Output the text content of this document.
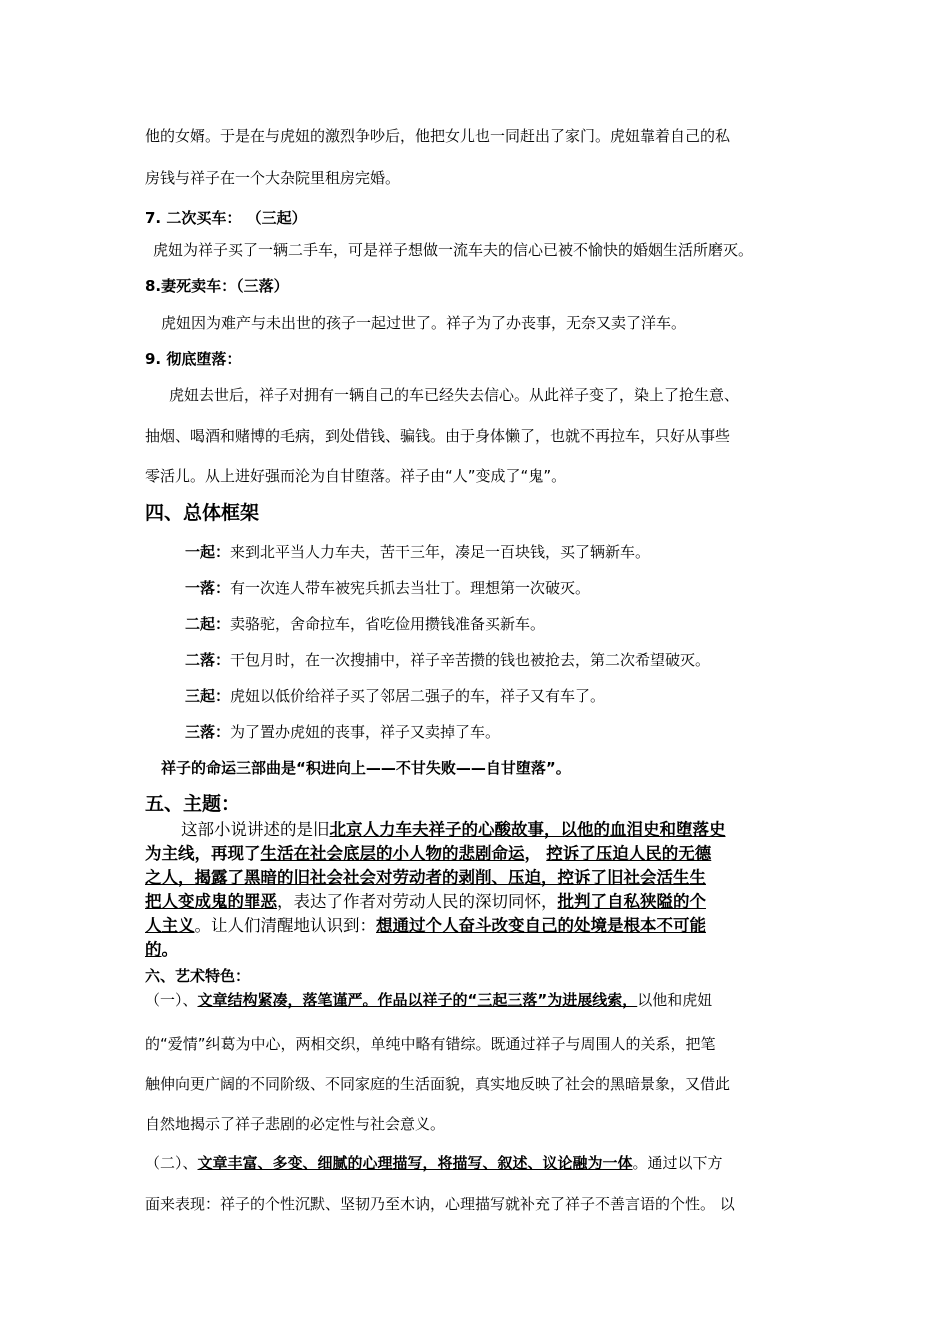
他的女婿。于是在与虎妞的激烈争吵后，他把女儿也一同赶出了家门。虎妞靠着自己的私
房钱与祥子在一个大杂院里租房完婚。
7. 二次买车： （三起）
虎妞为祥子买了一辆二手车，可是祥子想做一流车夫的信心已被不愉快的婚姻生活所磨灭。
8.妻死卖车：（三落）
虎妞因为难产与未出世的孩子一起过世了。祥子为了办丧事，无奈又卖了洋车。
9. 彻底堕落：
虎妞去世后，祥子对拥有一辆自己的车已经失去信心。从此祥子变了，染上了抢生意、
抽烟、喝酒和赌博的毛病，到处借钱、骗钱。由于身体懒了，也就不再拉车，只好从事些
零活儿。从上进好强而沦为自甘堕落。祥子由“人”变成了“鬼”。
四、总体框架
一起：来到北平当人力车夫，苦干三年，凑足一百块钱，买了辆新车。
一落：有一次连人带车被宪兵抓去当壮丁。理想第一次破灭。
二起：卖骆驼，舍命拉车，省吃俭用攒钱准备买新车。
二落：干包月时，在一次搜捕中，祥子辛苦攒的钱也被抢去，第二次希望破灭。
三起：虎妞以低价给祥子买了邻居二强子的车，祥子又有车了。
三落：为了置办虎妞的丧事，祥子又卖掉了车。
祥子的命运三部曲是“积进向上——不甘失败——自甘堕落”。
五、主题：
这部小说讲述的是旧北京人力车夫祥子的心酸故事，以他的血泪史和堕落史
为主线，再现了生活在社会底层的小人物的悲剧命运， 控诉了压迫人民的无德
之人，揭露了黑暗的旧社会社会对劳动者的剥削、压迫，控诉了旧社会活生生
把人变成鬼的罪恶，表达了作者对劳动人民的深切同怀，批判了自私狭隘的个
人主义。让人们清醒地认识到：想通过个人奋斗改变自己的处境是根本不可能
的。
六、艺术特色：
（一）、文章结构紧凑，落笔谨严。作品以祥子的“三起三落”为进展线索，以他和虎妞
的“爱情”纠葛为中心，两相交织，单纯中略有错综。既通过祥子与周围人的关系，把笔
触伸向更广阔的不同阶级、不同家庭的生活面貌，真实地反映了社会的黑暗景象，又借此
自然地揭示了祥子悲剧的必定性与社会意义。
（二）、文章丰富、多变、细腻的心理描写，将描写、叙述、议论融为一体。通过以下方
面来表现：祥子的个性沉默、坚韧乃至木讷，心理描写就补充了祥子不善言语的个性。 以
